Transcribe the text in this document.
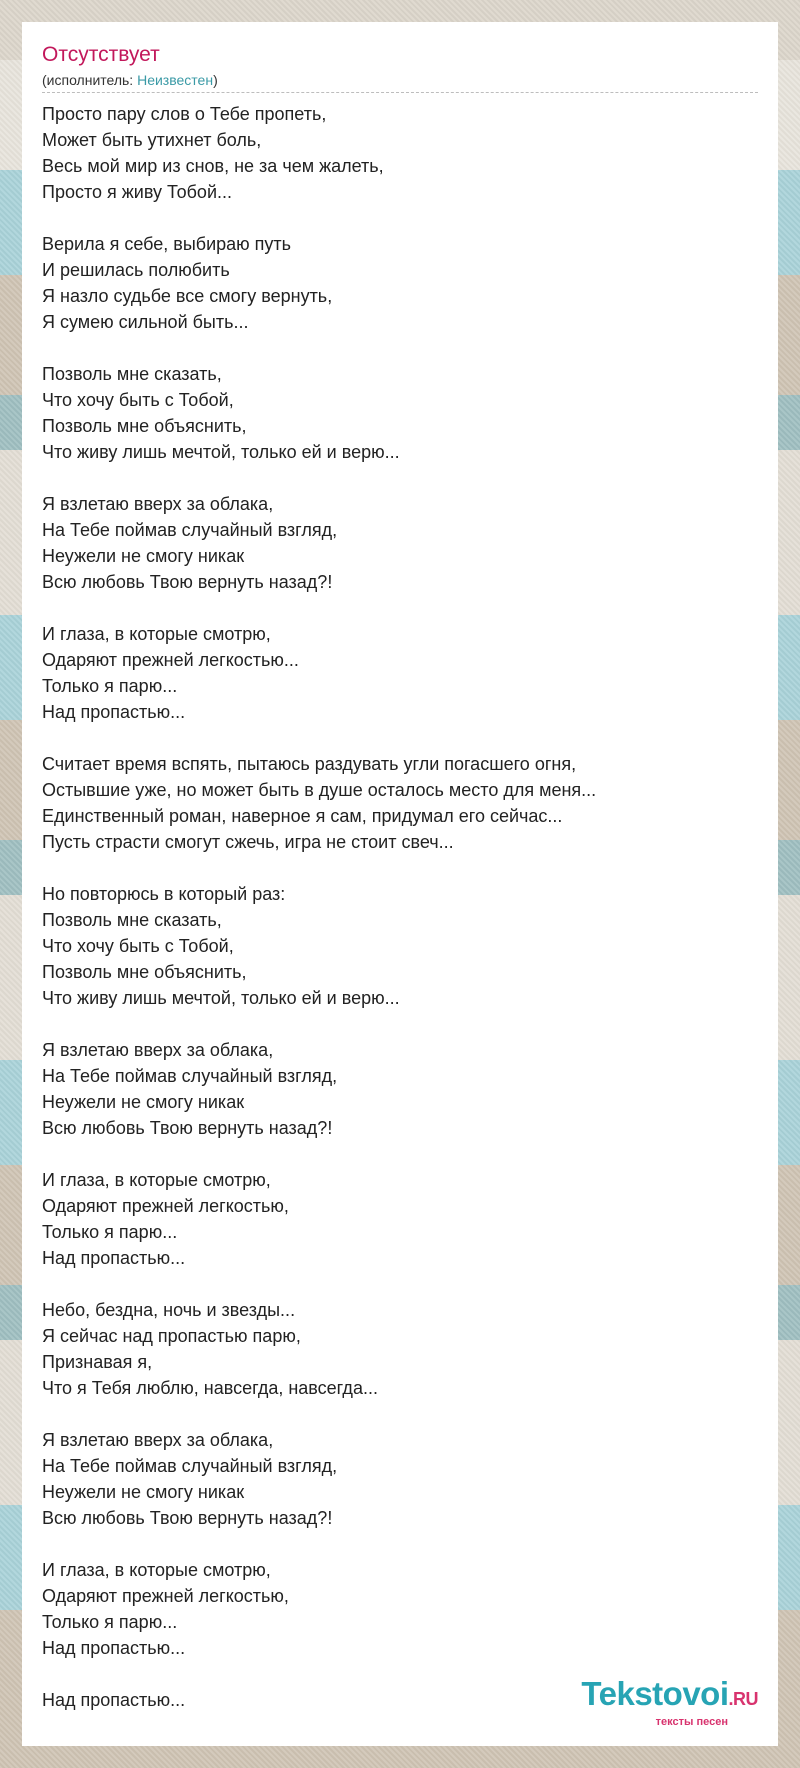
Отсутствует
(исполнитель: Неизвестен)
Просто пару слов о Тебе пропеть,
Может быть утихнет боль,
Весь мой мир из снов, не за чем жалеть,
Просто я живу Тобой...
Верила я себе, выбираю путь
И решилась полюбить
Я назло судьбе все смогу вернуть,
Я сумею сильной быть...
Позволь мне сказать,
Что хочу быть с Тобой,
Позволь мне объяснить,
Что живу лишь мечтой, только ей и верю...
Я взлетаю вверх за облака,
На Тебе поймав случайный взгляд,
Неужели не смогу никак
Всю любовь Твою вернуть назад?!
И глаза, в которые смотрю,
Одаряют прежней легкостью...
Только я парю...
Над пропастью...
Считает время вспять, пытаюсь раздувать угли погасшего огня,
Остывшие уже, но может быть в душе осталось место для меня...
Единственный роман, наверное я сам, придумал его сейчас...
Пусть страсти смогут сжечь, игра не стоит свеч...
Но повторюсь в который раз:
Позволь мне сказать,
Что хочу быть с Тобой,
Позволь мне объяснить,
Что живу лишь мечтой, только ей и верю...
Я взлетаю вверх за облака,
На Тебе поймав случайный взгляд,
Неужели не смогу никак
Всю любовь Твою вернуть назад?!
И глаза, в которые смотрю,
Одаряют прежней легкостью,
Только я парю...
Над пропастью...
Небо, бездна, ночь и звезды...
Я сейчас над пропастью парю,
Признавая я,
Что я Тебя люблю, навсегда, навсегда...
Я взлетаю вверх за облака,
На Тебе поймав случайный взгляд,
Неужели не смогу никак
Всю любовь Твою вернуть назад?!
И глаза, в которые смотрю,
Одаряют прежней легкостью,
Только я парю...
Над пропастью...
Над пропастью...	Tekstovoi.RU
тексты песен
